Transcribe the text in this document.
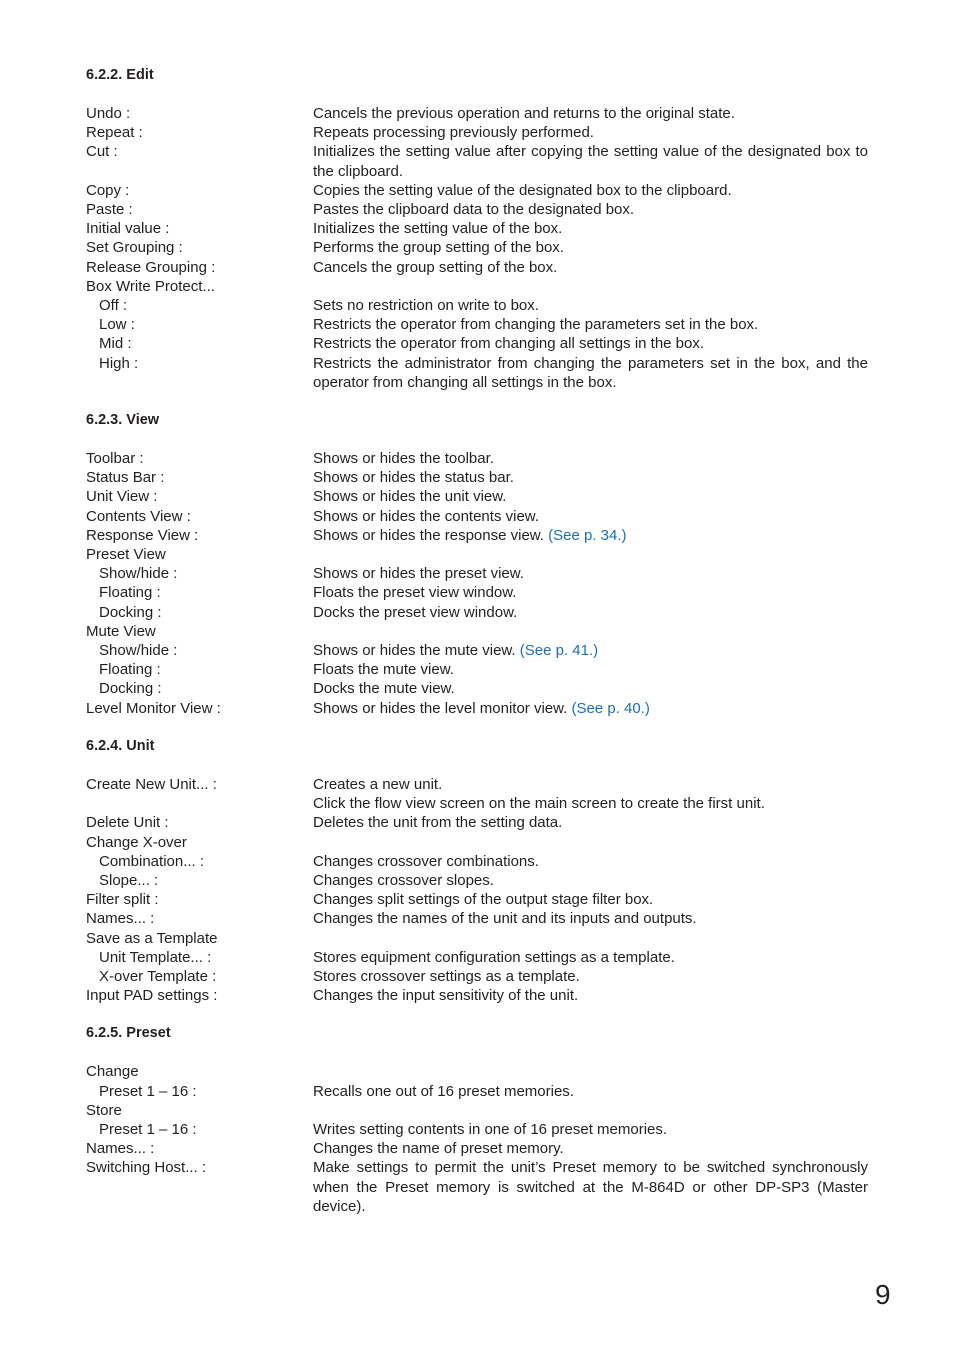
6.2.2. Edit
Undo :	Cancels the previous operation and returns to the original state.
Repeat :	Repeats processing previously performed.
Cut :	Initializes the setting value after copying the setting value of the designated box to the clipboard.
Copy :	Copies the setting value of the designated box to the clipboard.
Paste :	Pastes the clipboard data to the designated box.
Initial value :	Initializes the setting value of the box.
Set Grouping :	Performs the group setting of the box.
Release Grouping :	Cancels the group setting of the box.
Box Write Protect...
Off :	Sets no restriction on write to box.
Low :	Restricts the operator from changing the parameters set in the box.
Mid :	Restricts the operator from changing all settings in the box.
High :	Restricts the administrator from changing the parameters set in the box, and the operator from changing all settings in the box.
6.2.3. View
Toolbar :	Shows or hides the toolbar.
Status Bar :	Shows or hides the status bar.
Unit View :	Shows or hides the unit view.
Contents View :	Shows or hides the contents view.
Response View :	Shows or hides the response view. (See p. 34.)
Preset View
Show/hide :	Shows or hides the preset view.
Floating :	Floats the preset view window.
Docking :	Docks the preset view window.
Mute View
Show/hide :	Shows or hides the mute view. (See p. 41.)
Floating :	Floats the mute view.
Docking :	Docks the mute view.
Level Monitor View :	Shows or hides the level monitor view. (See p. 40.)
6.2.4. Unit
Create New Unit... :	Creates a new unit.
Click the flow view screen on the main screen to create the first unit.
Delete Unit :	Deletes the unit from the setting data.
Change X-over
Combination... :	Changes crossover combinations.
Slope... :	Changes crossover slopes.
Filter split :	Changes split settings of the output stage filter box.
Names... :	Changes the names of the unit and its inputs and outputs.
Save as a Template
Unit Template... :	Stores equipment configuration settings as a template.
X-over Template :	Stores crossover settings as a template.
Input PAD settings :	Changes the input sensitivity of the unit.
6.2.5. Preset
Change
Preset 1 – 16 :	Recalls one out of 16 preset memories.
Store
Preset 1 – 16 :	Writes setting contents in one of 16 preset memories.
Names... :	Changes the name of preset memory.
Switching Host... :	Make settings to permit the unit’s Preset memory to be switched synchronously when the Preset memory is switched at the M-864D or other DP-SP3 (Master device).
9
